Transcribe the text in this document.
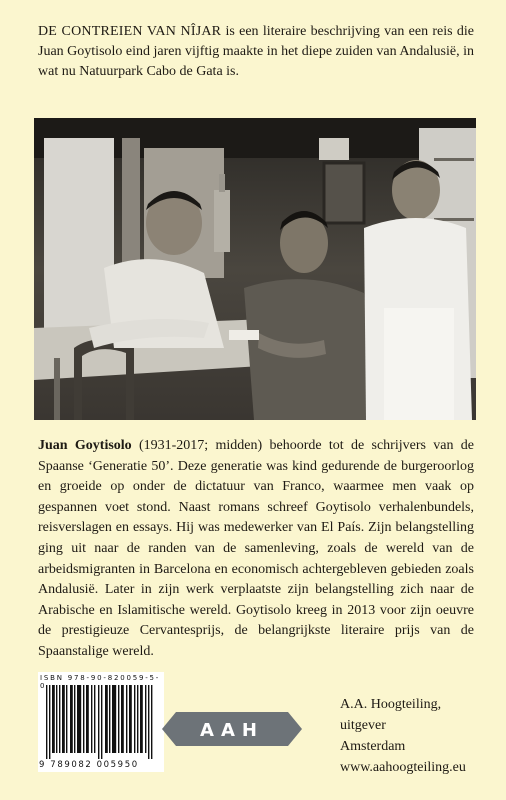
DE CONTREIEN VAN NÎJAR is een literaire beschrijving van een reis die Juan Goytisolo eind jaren vijftig maakte in het diepe zuiden van Andalusië, in wat nu Natuurpark Cabo de Gata is.

Juan Goytisolo (1931-2017; midden) behoorde tot de schrijvers van de Spaanse ‘Generatie 50’. Deze generatie was kind gedurende de burgeroorlog en groeide op onder de dictatuur van Franco, waarmee men vaak op gespannen voet stond. Naast romans schreef Goytisolo verhalenbundels, reisverslagen en essays. Hij was medewerker van El País. Zijn belangstelling ging uit naar de randen van de samenleving, zoals de wereld van de arbeidsmigranten in Barcelona en economisch achtergebleven gebieden zoals Andalusië. Later in zijn werk verplaatste zijn belangstelling zich naar de Arabische en Islamitische wereld. Goytisolo kreeg in 2013 voor zijn oeuvre de prestigieuze Cervantesprijs, de belangrijkste literaire prijs van de Spaanstalige wereld.

ISBN 978-90-820059-5-0
9 789082 005950
AAH

A.A. Hoogteiling, uitgever
Amsterdam
www.aahoogteiling.eu
